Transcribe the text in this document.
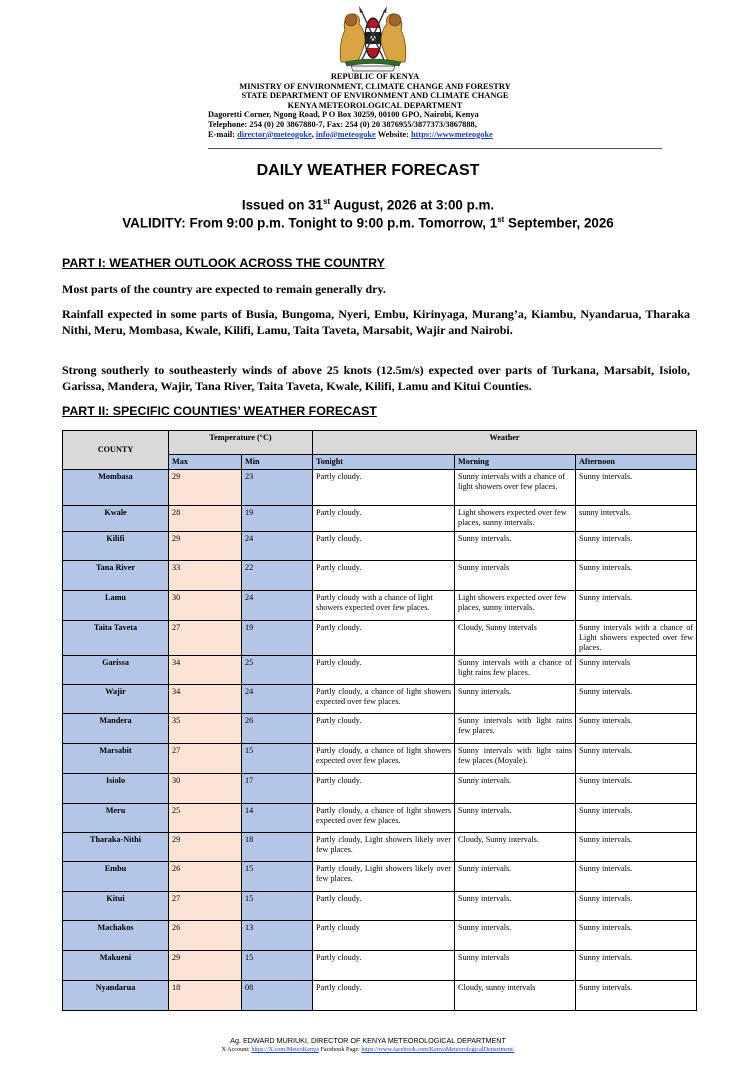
REPUBLIC OF KENYA
MINISTRY OF ENVIRONMENT, CLIMATE CHANGE AND FORESTRY
STATE DEPARTMENT OF ENVIRONMENT AND CLIMATE CHANGE
KENYA METEOROLOGICAL DEPARTMENT
Dagoretti Corner, Ngong Road, P O Box 30259, 00100 GPO, Nairobi, Kenya
Telephone: 254 (0) 20 3867880-7, Fax: 254 (0) 20 3876955/3877373/3867888,
E-mail: director@meteogoke, info@meteogoke Website: https://wwwmeteogoke
DAILY WEATHER FORECAST
Issued on 31st August, 2026 at 3:00 p.m.
VALIDITY: From 9:00 p.m. Tonight to 9:00 p.m. Tomorrow, 1st September, 2026
PART I: WEATHER OUTLOOK ACROSS THE COUNTRY
Most parts of the country are expected to remain generally dry.
Rainfall expected in some parts of Busia, Bungoma, Nyeri, Embu, Kirinyaga, Murang’a, Kiambu, Nyandarua, Tharaka Nithi, Meru, Mombasa, Kwale, Kilifi, Lamu, Taita Taveta, Marsabit, Wajir and Nairobi.
Strong southerly to southeasterly winds of above 25 knots (12.5m/s) expected over parts of Turkana, Marsabit, Isiolo, Garissa, Mandera, Wajir, Tana River, Taita Taveta, Kwale, Kilifi, Lamu and Kitui Counties.
PART II: SPECIFIC COUNTIES’ WEATHER FORECAST
COUNTY	Temperature (°C)		Weather		
	Max	Min	Tonight	Morning	Afternoon
Mombasa	29	23	Partly cloudy.	Sunny intervals with a chance of light showers over few places.	Sunny intervals.
Kwale	28	19	Partly cloudy.	Light showers expected over few places, sunny intervals.	sunny intervals.
Kilifi	29	24	Partly cloudy.	Sunny intervals.	Sunny intervals.
Tana River	33	22	Partly cloudy.	Sunny intervals	Sunny intervals.
Lamu	30	24	Partly cloudy with a chance of light showers expected over few places.	Light showers expected over few places, sunny intervals.	Sunny intervals.
Taita Taveta	27	19	Partly cloudy.	Cloudy, Sunny intervals	Sunny intervals with a chance of Light showers expected over few places.
Garissa	34	25	Partly cloudy.	Sunny intervals with a chance of light rains few places.	Sunny intervals
Wajir	34	24	Partly cloudy, a chance of light showers expected over few places.	Sunny intervals.	Sunny intervals.
Mandera	35	26	Partly cloudy.	Sunny intervals with light rains few places.	Sunny intervals.
Marsabit	27	15	Partly cloudy, a chance of light showers expected over few places.	Sunny intervals with light rains few places (Moyale).	Sunny intervals.
Isiolo	30	17	Partly cloudy.	Sunny intervals.	Sunny intervals.
Meru	25	14	Partly cloudy, a chance of light showers expected over few places.	Sunny intervals.	Sunny intervals.
Tharaka-Nithi	29	18	Partly cloudy, Light showers likely over few places.	Cloudy, Sunny intervals.	Sunny intervals.
Embu	26	15	Partly cloudy, Light showers likely over few places.	Sunny intervals.	Sunny intervals.
Kitui	27	15	Partly cloudy.	Sunny intervals.	Sunny intervals.
Machakos	26	13	Partly cloudy	Sunny intervals.	Sunny intervals.
Makueni	29	15	Partly cloudy.	Sunny intervals	Sunny intervals.
Nyandarua	18	08	Partly cloudy.	Cloudy, sunny intervals	Sunny intervals.
Ag. EDWARD MURIUKI, DIRECTOR OF KENYA METEOROLOGICAL DEPARTMENT
X Account: https://X.com/MeteoKenya Facebook Page: https://www.facebook.com/KenyaMeteorologicalDepartment/
